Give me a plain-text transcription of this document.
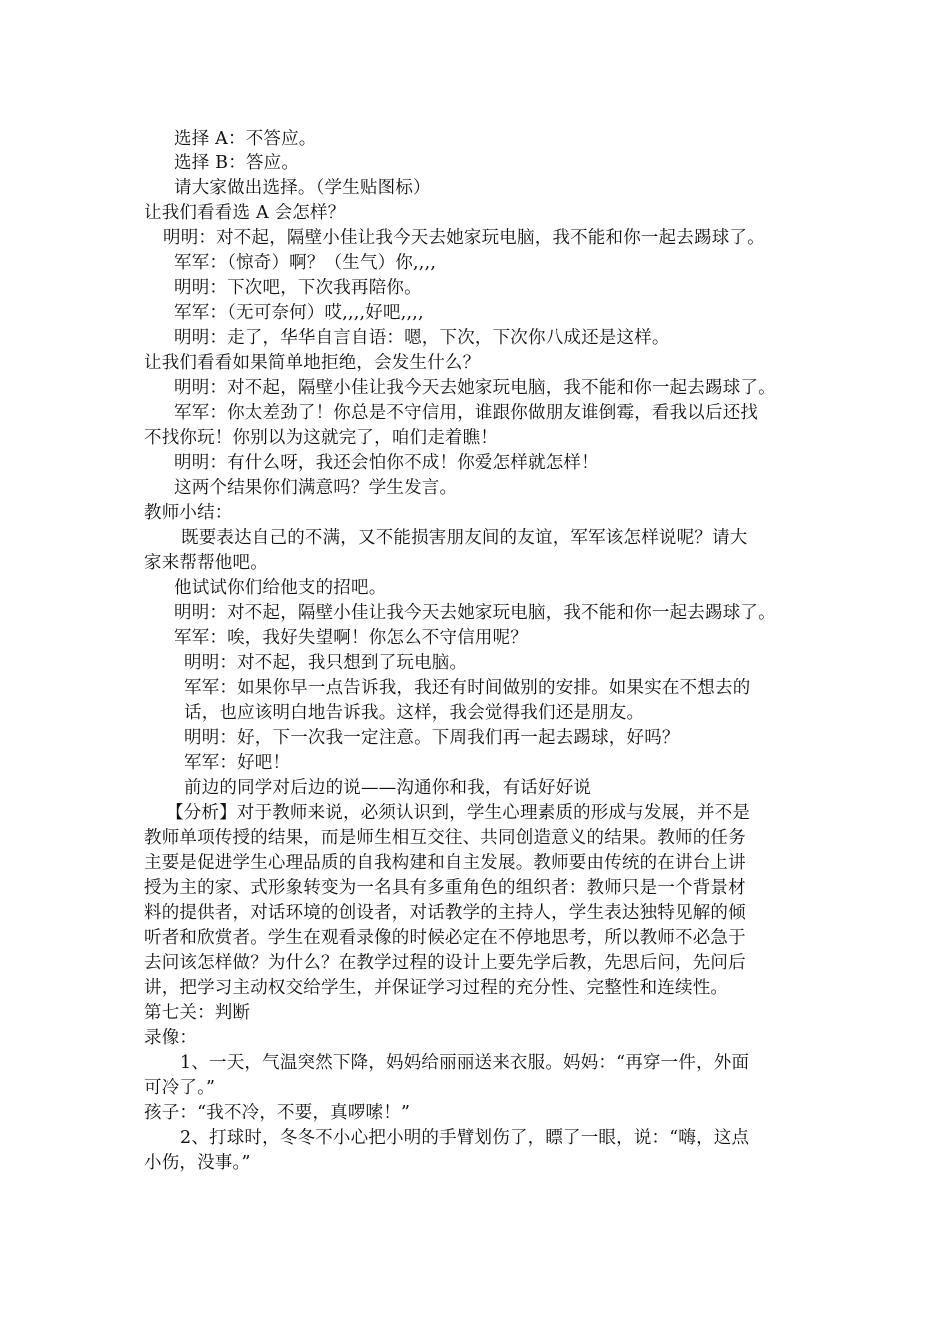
选择 A：不答应。
选择 B：答应。
请大家做出选择。（学生贴图标）
让我们看看选 A 会怎样？
明明：对不起，隔壁小佳让我今天去她家玩电脑，我不能和你一起去踢球了。
军军：（惊奇）啊？（生气）你,,,,
明明：下次吧，下次我再陪你。
军军：（无可奈何）哎,,,,好吧,,,,
明明：走了，华华自言自语：嗯，下次，下次你八成还是这样。
让我们看看如果简单地拒绝，会发生什么？
明明：对不起，隔壁小佳让我今天去她家玩电脑，我不能和你一起去踢球了。
军军：你太差劲了！你总是不守信用，谁跟你做朋友谁倒霉，看我以后还找
不找你玩！你别以为这就完了，咱们走着瞧！
明明：有什么呀，我还会怕你不成！你爱怎样就怎样！
这两个结果你们满意吗？学生发言。
教师小结：
既要表达自己的不满，又不能损害朋友间的友谊，军军该怎样说呢？请大
家来帮帮他吧。
他试试你们给他支的招吧。
明明：对不起，隔壁小佳让我今天去她家玩电脑，我不能和你一起去踢球了。
军军：唉，我好失望啊！你怎么不守信用呢？
明明：对不起，我只想到了玩电脑。
军军：如果你早一点告诉我，我还有时间做别的安排。如果实在不想去的
话，也应该明白地告诉我。这样，我会觉得我们还是朋友。
明明：好，下一次我一定注意。下周我们再一起去踢球，好吗？
军军：好吧！
前边的同学对后边的说——沟通你和我，有话好好说
【分析】对于教师来说，必须认识到，学生心理素质的形成与发展，并不是
教师单项传授的结果，而是师生相互交往、共同创造意义的结果。教师的任务
主要是促进学生心理品质的自我构建和自主发展。教师要由传统的在讲台上讲
授为主的家、式形象转变为一名具有多重角色的组织者：教师只是一个背景材
料的提供者，对话环境的创设者，对话教学的主持人，学生表达独特见解的倾
听者和欣赏者。学生在观看录像的时候必定在不停地思考，所以教师不必急于
去问该怎样做？为什么？在教学过程的设计上要先学后教，先思后问，先问后
讲，把学习主动权交给学生，并保证学习过程的充分性、完整性和连续性。
第七关：判断
录像：
1、一天，气温突然下降，妈妈给丽丽送来衣服。妈妈：“再穿一件，外面
可冷了。”
孩子：“我不冷，不要，真啰嗦！”
2、打球时，冬冬不小心把小明的手臂划伤了，瞟了一眼，说：“嗨，这点
小伤，没事。”
